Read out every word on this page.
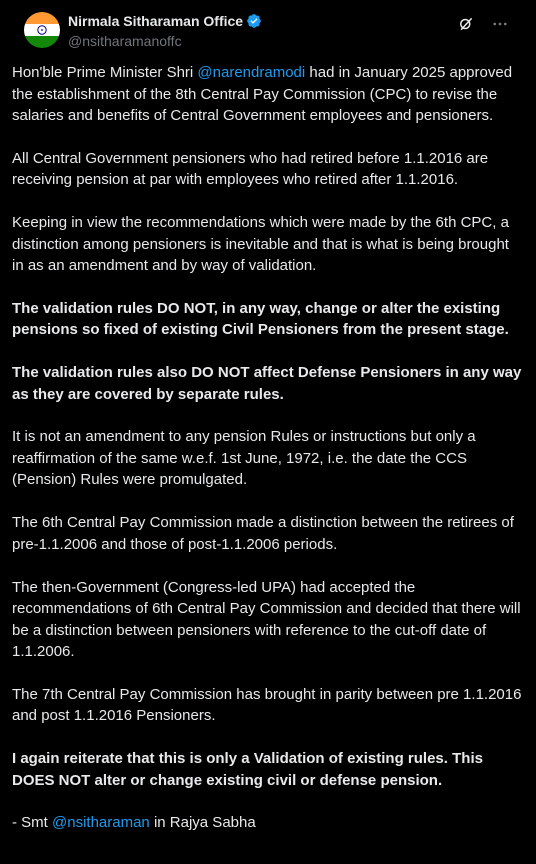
Nirmala Sitharaman Office
@nsitharamanoffc

Hon'ble Prime Minister Shri @narendramodi had in January 2025 approved the establishment of the 8th Central Pay Commission (CPC) to revise the salaries and benefits of Central Government employees and pensioners.

All Central Government pensioners who had retired before 1.1.2016 are receiving pension at par with employees who retired after 1.1.2016.

Keeping in view the recommendations which were made by the 6th CPC, a distinction among pensioners is inevitable and that is what is being brought in as an amendment and by way of validation.

The validation rules DO NOT, in any way, change or alter the existing pensions so fixed of existing Civil Pensioners from the present stage.

The validation rules also DO NOT affect Defense Pensioners in any way as they are covered by separate rules.

It is not an amendment to any pension Rules or instructions but only a reaffirmation of the same w.e.f. 1st June, 1972, i.e. the date the CCS (Pension) Rules were promulgated.

The 6th Central Pay Commission made a distinction between the retirees of pre-1.1.2006 and those of post-1.1.2006 periods.

The then-Government (Congress-led UPA) had accepted the recommendations of 6th Central Pay Commission and decided that there will be a distinction between pensioners with reference to the cut-off date of 1.1.2006.

The 7th Central Pay Commission has brought in parity between pre 1.1.2016 and post 1.1.2016 Pensioners.

I again reiterate that this is only a Validation of existing rules. This DOES NOT alter or change existing civil or defense pension.

- Smt @nsitharaman in Rajya Sabha
